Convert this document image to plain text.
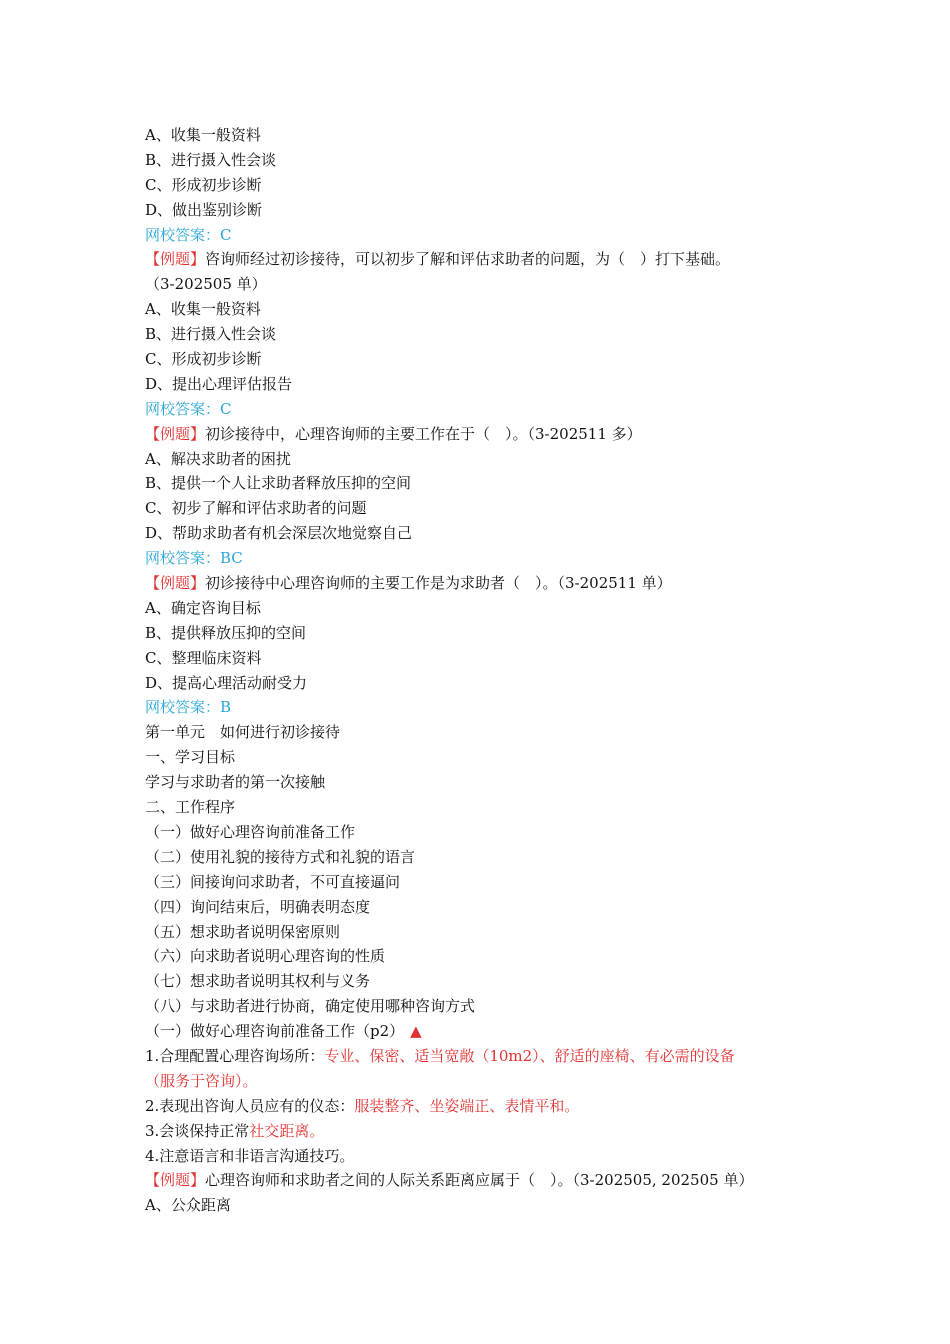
A、收集一般资料
B、进行摄入性会谈
C、形成初步诊断
D、做出鉴别诊断
网校答案：C
【例题】咨询师经过初诊接待，可以初步了解和评估求助者的问题，为（　）打下基础。
（3-202505 单）
A、收集一般资料
B、进行摄入性会谈
C、形成初步诊断
D、提出心理评估报告
网校答案：C
【例题】初诊接待中，心理咨询师的主要工作在于（　）。（3-202511 多）
A、解决求助者的困扰
B、提供一个人让求助者释放压抑的空间
C、初步了解和评估求助者的问题
D、帮助求助者有机会深层次地觉察自己
网校答案：BC
【例题】初诊接待中心理咨询师的主要工作是为求助者（　）。（3-202511 单）
A、确定咨询目标
B、提供释放压抑的空间
C、整理临床资料
D、提高心理活动耐受力
网校答案：B
第一单元　如何进行初诊接待
一、学习目标
学习与求助者的第一次接触
二、工作程序
（一）做好心理咨询前准备工作
（二）使用礼貌的接待方式和礼貌的语言
（三）间接询问求助者，不可直接逼问
（四）询问结束后，明确表明态度
（五）想求助者说明保密原则
（六）向求助者说明心理咨询的性质
（七）想求助者说明其权利与义务
（八）与求助者进行协商，确定使用哪种咨询方式
（一）做好心理咨询前准备工作（p2） ▲
1.合理配置心理咨询场所：专业、保密、适当宽敞（10m2）、舒适的座椅、有必需的设备
（服务于咨询）。
2.表现出咨询人员应有的仪态：服装整齐、坐姿端正、表情平和。
3.会谈保持正常社交距离。
4.注意语言和非语言沟通技巧。
【例题】心理咨询师和求助者之间的人际关系距离应属于（　）。（3-202505, 202505 单）
A、公众距离
